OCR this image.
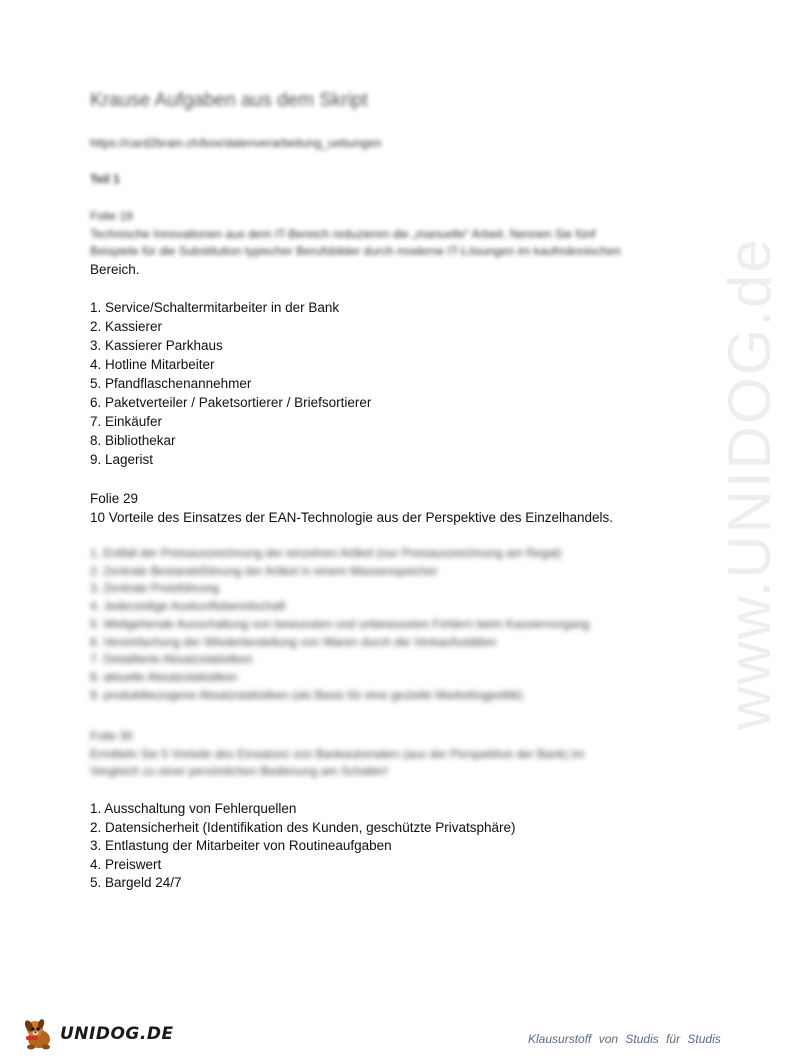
www.UNIDOG.de
Krause Aufgaben aus dem Skript
https://card2brain.ch/box/datenverarbeitung_uebungen
Teil 1
Folie 19
Technische Innovationen aus dem IT-Bereich reduzieren die „manuelle“ Arbeit. Nennen Sie fünf
Beispiele für die Substitution typischer Berufsbilder durch moderne IT-Lösungen im kaufmännischen
Bereich.
1. Service/Schaltermitarbeiter in der Bank
2. Kassierer
3. Kassierer Parkhaus
4. Hotline Mitarbeiter
5. Pfandflaschenannehmer
6. Paketverteiler / Paketsortierer / Briefsortierer
7. Einkäufer
8. Bibliothekar
9. Lagerist
Folie 29
10 Vorteile des Einsatzes der EAN-Technologie aus der Perspektive des Einzelhandels.
1. Entfall der Preisauszeichnung der einzelnen Artikel (nur Preisauszeichnung am Regal)
2. Zentrale Bestandsführung der Artikel in einem Massenspeicher
3. Zentrale Preisführung
4. Jederzeitige Auskunftsbereitschaft
5. Weitgehende Ausschaltung von bewussten und unbewussten Fehlern beim Kassiervorgang
6. Vereinfachung der Wiederbestellung von Waren durch die Verkaufsstätten
7. Detaillierte Absatzstatistiken
8. aktuelle Absatzstatistiken
9. produktbezogene Absatzstatistiken (als Basis für eine gezielte Marketingpolitik)
Folie 30
Ermitteln Sie 5 Vorteile des Einsatzes von Bankautomaten (aus der Perspektive der Bank) im
Vergleich zu einer persönlichen Bedienung am Schalter!
1. Ausschaltung von Fehlerquellen
2. Datensicherheit (Identifikation des Kunden, geschützte Privatsphäre)
3. Entlastung der Mitarbeiter von Routineaufgaben
4. Preiswert
5. Bargeld 24/7
UNIDOG.DE	Klausurstoff von Studis für Studis
